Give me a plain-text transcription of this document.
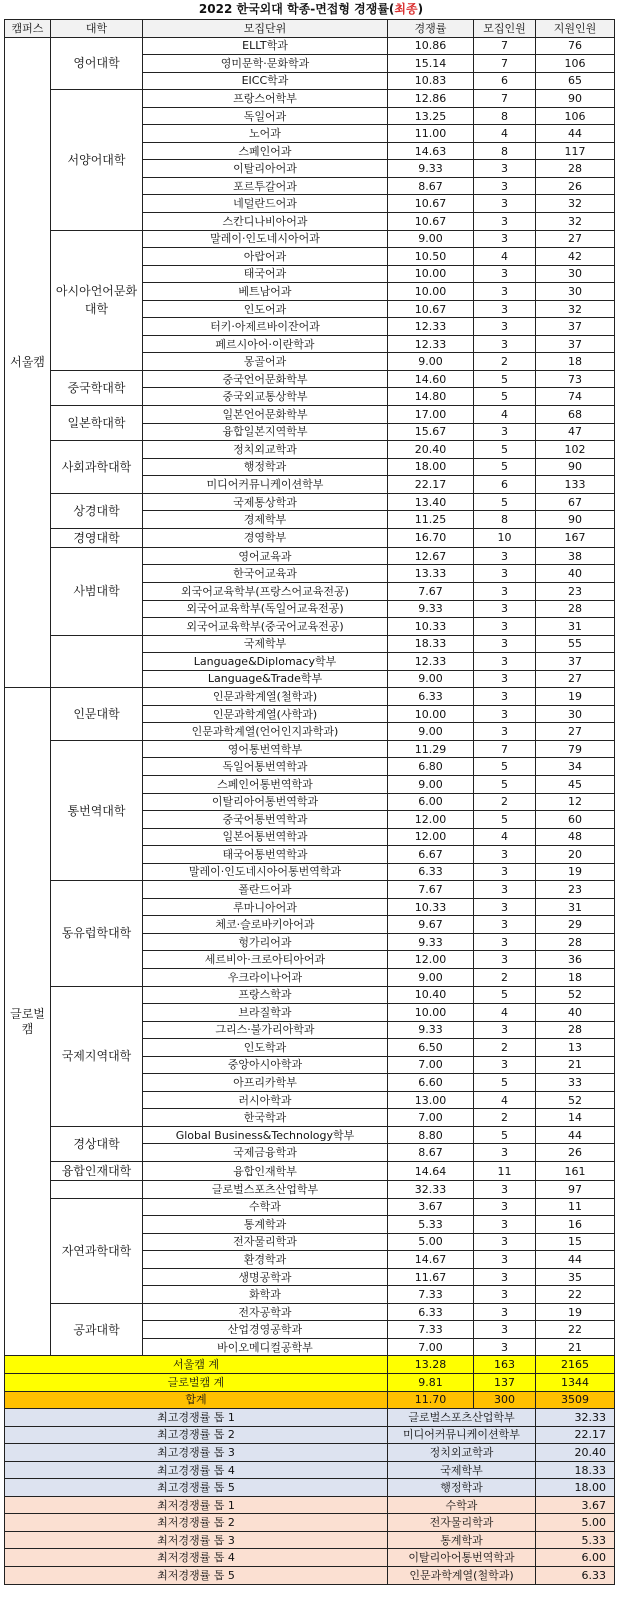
2022 한국외대 학종-면접형 경쟁률(최종)
캠퍼스	대학	모집단위	경쟁률	모집인원	지원인원
서울캠	영어대학	ELLT학과	10.86	7	76
		영미문학·문화학과	15.14	7	106
		EICC학과	10.83	6	65
	서양어대학	프랑스어학부	12.86	7	90
		독일어과	13.25	8	106
		노어과	11.00	4	44
		스페인어과	14.63	8	117
		이탈리아어과	9.33	3	28
		포르투갈어과	8.67	3	26
		네덜란드어과	10.67	3	32
		스칸디나비아어과	10.67	3	32
	아시아언어문화대학	말레이·인도네시아어과	9.00	3	27
		아랍어과	10.50	4	42
		태국어과	10.00	3	30
		베트남어과	10.00	3	30
		인도어과	10.67	3	32
		터키·아제르바이잔어과	12.33	3	37
		페르시아어·이란학과	12.33	3	37
		몽골어과	9.00	2	18
	중국학대학	중국언어문화학부	14.60	5	73
		중국외교통상학부	14.80	5	74
	일본학대학	일본언어문화학부	17.00	4	68
		융합일본지역학부	15.67	3	47
	사회과학대학	정치외교학과	20.40	5	102
		행정학과	18.00	5	90
		미디어커뮤니케이션학부	22.17	6	133
	상경대학	국제통상학과	13.40	5	67
		경제학부	11.25	8	90
	경영대학	경영학부	16.70	10	167
	사범대학	영어교육과	12.67	3	38
		한국어교육과	13.33	3	40
		외국어교육학부(프랑스어교육전공)	7.67	3	23
		외국어교육학부(독일어교육전공)	9.33	3	28
		외국어교육학부(중국어교육전공)	10.33	3	31
		국제학부	18.33	3	55
		Language&Diplomacy학부	12.33	3	37
		Language&Trade학부	9.00	3	27
글로벌캠	인문대학	인문과학계열(철학과)	6.33	3	19
		인문과학계열(사학과)	10.00	3	30
		인문과학계열(언어인지과학과)	9.00	3	27
	통번역대학	영어통번역학부	11.29	7	79
		독일어통번역학과	6.80	5	34
		스페인어통번역학과	9.00	5	45
		이탈리아어통번역학과	6.00	2	12
		중국어통번역학과	12.00	5	60
		일본어통번역학과	12.00	4	48
		태국어통번역학과	6.67	3	20
		말레이·인도네시아어통번역학과	6.33	3	19
	동유럽학대학	폴란드어과	7.67	3	23
		루마니아어과	10.33	3	31
		체코·슬로바키아어과	9.67	3	29
		헝가리어과	9.33	3	28
		세르비아·크로아티아어과	12.00	3	36
		우크라이나어과	9.00	2	18
	국제지역대학	프랑스학과	10.40	5	52
		브라질학과	10.00	4	40
		그리스·불가리아학과	9.33	3	28
		인도학과	6.50	2	13
		중앙아시아학과	7.00	3	21
		아프리카학부	6.60	5	33
		러시아학과	13.00	4	52
		한국학과	7.00	2	14
	경상대학	Global Business&Technology학부	8.80	5	44
		국제금융학과	8.67	3	26
	융합인재대학	융합인재학부	14.64	11	161
		글로벌스포츠산업학부	32.33	3	97
	자연과학대학	수학과	3.67	3	11
		통계학과	5.33	3	16
		전자물리학과	5.00	3	15
		환경학과	14.67	3	44
		생명공학과	11.67	3	35
		화학과	7.33	3	22
	공과대학	전자공학과	6.33	3	19
		산업경영공학과	7.33	3	22
		바이오메디컬공학부	7.00	3	21
서울캠 계			13.28	163	2165
글로벌캠 계			9.81	137	1344
합계			11.70	300	3509
최고경쟁률 톱 1			글로벌스포츠산업학부		32.33
최고경쟁률 톱 2			미디어커뮤니케이션학부		22.17
최고경쟁률 톱 3			정치외교학과		20.40
최고경쟁률 톱 4			국제학부		18.33
최고경쟁률 톱 5			행정학과		18.00
최저경쟁률 톱 1			수학과		3.67
최저경쟁률 톱 2			전자물리학과		5.00
최저경쟁률 톱 3			통계학과		5.33
최저경쟁률 톱 4			이탈리아어통번역학과		6.00
최저경쟁률 톱 5			인문과학계열(철학과)		6.33
